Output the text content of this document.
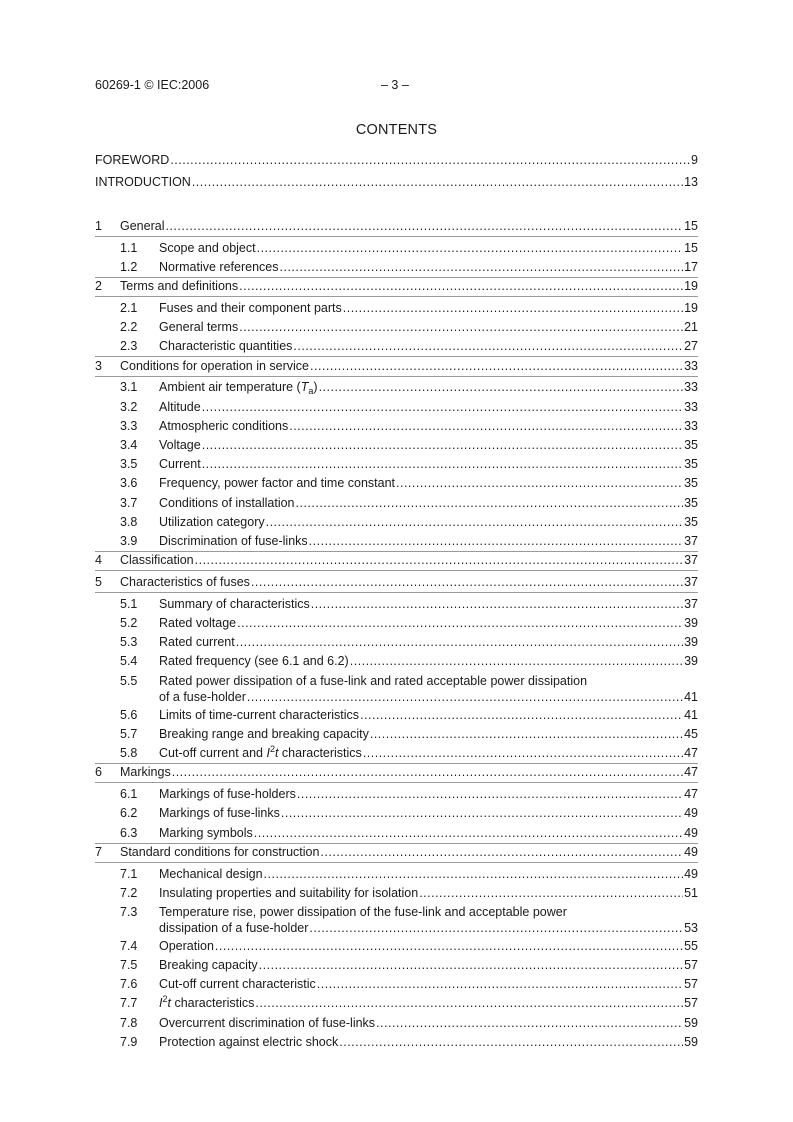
60269-1 © IEC:2006	– 3 –
CONTENTS
FOREWORD .....	9
INTRODUCTION .....	13
1 General .....	15
1.1 Scope and object .....	15
1.2 Normative references .....	17
2 Terms and definitions .....	19
2.1 Fuses and their component parts .....	19
2.2 General terms .....	21
2.3 Characteristic quantities .....	27
3 Conditions for operation in service .....	33
3.1 Ambient air temperature $(T_a)$ .....	33
3.2 Altitude .....	33
3.3 Atmospheric conditions .....	33
3.4 Voltage .....	35
3.5 Current .....	35
3.6 Frequency, power factor and time constant .....	35
3.7 Conditions of installation .....	35
3.8 Utilization category .....	35
3.9 Discrimination of fuse-links .....	37
4 Classification .....	37
5 Characteristics of fuses .....	37
5.1 Summary of characteristics .....	37
5.2 Rated voltage .....	39
5.3 Rated current .....	39
5.4 Rated frequency (see 6.1 and 6.2) .....	39
5.5 Rated power dissipation of a fuse-link and rated acceptable power dissipation
of a fuse-holder .....	41
5.6 Limits of time-current characteristics .....	41
5.7 Breaking range and breaking capacity .....	45
5.8 Cut-off current and $I^2t$ characteristics .....	47
6 Markings .....	47
6.1 Markings of fuse-holders .....	47
6.2 Markings of fuse-links .....	49
6.3 Marking symbols .....	49
7 Standard conditions for construction .....	49
7.1 Mechanical design .....	49
7.2 Insulating properties and suitability for isolation .....	51
7.3 Temperature rise, power dissipation of the fuse-link and acceptable power
dissipation of a fuse-holder .....	53
7.4 Operation .....	55
7.5 Breaking capacity .....	57
7.6 Cut-off current characteristic .....	57
7.7 $I^2t$ characteristics .....	57
7.8 Overcurrent discrimination of fuse-links .....	59
7.9 Protection against electric shock .....	59
